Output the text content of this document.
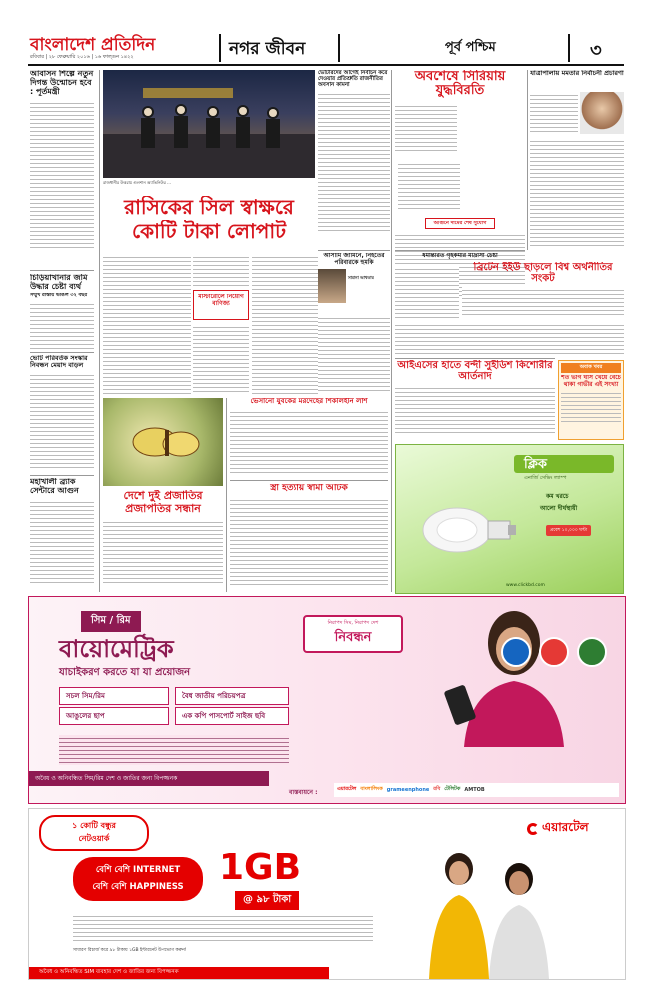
বাংলাদেশ প্রতিদিন
রবিবার | ২৮ ফেব্রুয়ারি ২০১৬ | ১৬ ফাল্গুন ১৪২২	নগর জীবন	পূর্ব পশ্চিম	৩
আবাসন শিল্পে নতুন দিগন্ত উন্মোচন হবে : পূর্তমন্ত্রী
চিড়িয়াখানার জমি উদ্ধার চেষ্টা ব্যর্থ
সম্মুখ রাস্তায় ভাঙল ৩২ বছর
ভোট পরিবর্তক সংস্কার নিবন্ধন মেয়াদ বাড়ল
মহাখালী ব্র্যাক সেন্টারে আগুন
রাজধানীর উত্তরায় গুলশান অ্যাভিনিউর ...
রাসিকের সিল স্বাক্ষরে
কোটি টাকা লোপাট
মাস্টারোলে নিয়োগ বাণিজ্য
দেশে দুই প্রজাতির
প্রজাপতির সন্ধান
ভেসানো যুবকের মরদেহের শিকলিহীন লাশ
স্ত্রী হত্যায় স্বামী আটক
ভোটারদের আগেই নির্বাচন করে দেওয়ার প্রতিশ্রুতি রাজনীতির অবসান কামনা
আসামি জামিনে, নিহতের পরিবারকে হুমকি
সামানা আখতার
অবশেষে সিরিয়ায় যুদ্ধবিরতি

আগুনে দামের শেষ সুযোগ
ধর্মান্তরিত গৃহকর্মীর মাদ্রাসা চেষ্টা
ব্রিটেন ইইউ ছাড়লে বিশ্ব অর্থনীতির সংকট
আইএসের হাতে বন্দী সুইডিশ কিশোরীর আর্তনাদ
যাত্রাপালায় মমতার নির্বাচনী প্রচারণা
অবাক খবর
শত ভাগ ঘাস খেয়ে বেঁচে থাকা গাভীর এই সংখ্যা
ক্লিক
এনার্জি সেভিং ল্যাম্প
কম খরচে
আলো দীর্ঘস্থায়ী
প্রবেশ ১০,০০০ ঘণ্টা
www.clickbd.com
সিম / রিম
বায়োমেট্রিক
যাচাইকরণ করতে যা যা প্রয়োজন
সচল সিম/রিম	বৈধ জাতীয় পরিচয়পত্র
আঙুলের ছাপ	এক কপি পাসপোর্ট সাইজ ছবি
নিরাপদ সিম, নিরাপদ দেশ
নিবন্ধন
অবৈধ ও অনিবন্ধিত সিম/রিম দেশ ও জাতির জন্য বিপজ্জনক
বাস্তবায়নে :	এয়ারটেল বাংলালিংক grameenphone রবি টেলিটক AMTOB
১ কোটি বন্ধুর
নেটওয়ার্ক
এয়ারটেল
বেশি বেশি INTERNET
বেশি বেশি HAPPINESS 1GB
@ ৯৮ টাকা
সাধারণ রিচার্জ করে ৯৮ টাকায় ১GB ইন্টারনেট উপভোগ করুন!
অবৈধ ও অনিবন্ধিত SIM ব্যবহার দেশ ও জাতির জন্য বিপজ্জনক
